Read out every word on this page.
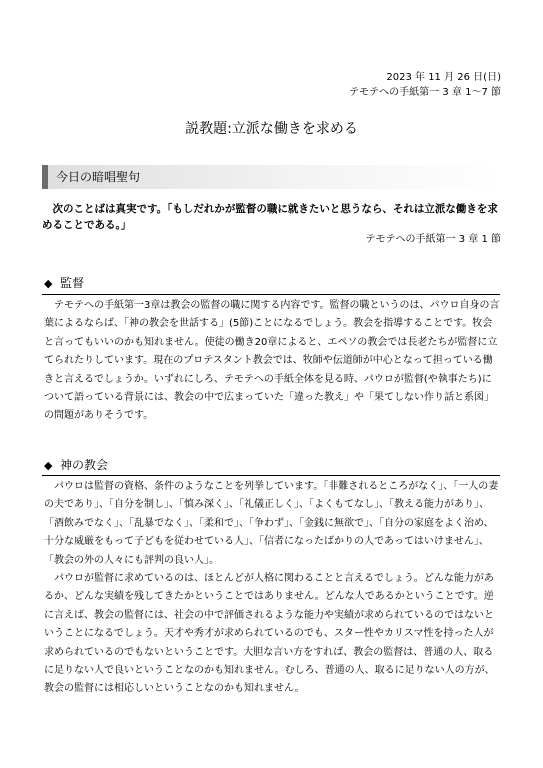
2023 年 11 月 26 日(日)
テモテへの手紙第一 3 章 1〜7 節
説教題:立派な働きを求める
今日の暗唱聖句

次のことばは真実です。「もしだれかが監督の職に就きたいと思うなら、それは立派な働きを求めることである。」

テモテへの手紙第一 3 章 1 節
◆ 監督

テモテへの手紙第一3章は教会の監督の職に関する内容です。監督の職というのは、パウロ自身の言葉によるならば、「神の教会を世話する」(5節)ことになるでしょう。教会を指導することです。牧会と言ってもいいのかも知れません。使徒の働き20章によると、エペソの教会では長老たちが監督に立てられたりしています。現在のプロテスタント教会では、牧師や伝道師が中心となって担っている働きと言えるでしょうか。いずれにしろ、テモテへの手紙全体を見る時、パウロが監督(や執事たち)について語っている背景には、教会の中で広まっていた「違った教え」や「果てしない作り話と系図」の問題がありそうです。

◆ 神の教会

パウロは監督の資格、条件のようなことを列挙しています。「非難されるところがなく」、「一人の妻の夫であり」、「自分を制し」、「慎み深く」、「礼儀正しく」、「よくもてなし」、「教える能力があり」、「酒飲みでなく」、「乱暴でなく」、「柔和で」、「争わず」、「金銭に無欲で」、「自分の家庭をよく治め、十分な威厳をもって子どもを従わせている人」、「信者になったばかりの人であってはいけません」、「教会の外の人々にも評判の良い人」。

パウロが監督に求めているのは、ほとんどが人格に関わることと言えるでしょう。どんな能力があるか、どんな実績を残してきたかということではありません。どんな人であるかということです。逆に言えば、教会の監督には、社会の中で評価されるような能力や実績が求められているのではないということになるでしょう。天才や秀才が求められているのでも、スター性やカリスマ性を持った人が求められているのでもないということです。大胆な言い方をすれば、教会の監督は、普通の人、取るに足りない人で良いということなのかも知れません。むしろ、普通の人、取るに足りない人の方が、教会の監督には相応しいということなのかも知れません。
